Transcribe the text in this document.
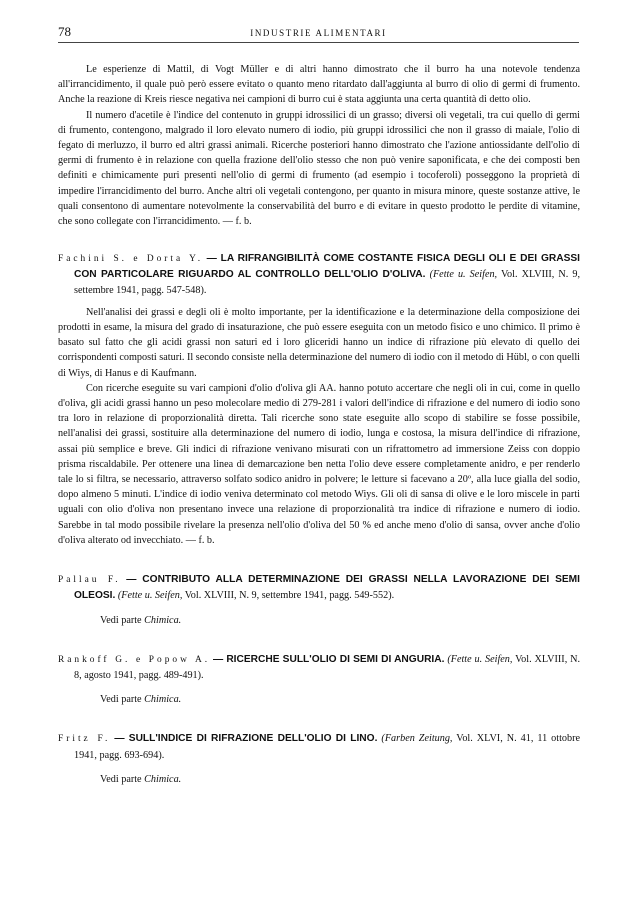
78	INDUSTRIE ALIMENTARI

Le esperienze di Mattil, di Vogt Müller e di altri hanno dimostrato che il burro ha una notevole tendenza all'irrancidimento, il quale può però essere evitato o quanto meno ritardato dall'aggiunta al burro di olio di germi di frumento. Anche la reazione di Kreis riesce negativa nei campioni di burro cui è stata aggiunta una certa quantità di detto olio.

Il numero d'acetile è l'indice del contenuto in gruppi idrossilici di un grasso; diversi oli vegetali, tra cui quello di germi di frumento, contengono, malgrado il loro elevato numero di iodio, più gruppi idrossilici che non il grasso di maiale, l'olio di fegato di merluzzo, il burro ed altri grassi animali. Ricerche posteriori hanno dimostrato che l'azione antiossidante dell'olio di germi di frumento è in relazione con quella frazione dell'olio stesso che non può venire saponificata, e che dei composti ben definiti e chimicamente puri presenti nell'olio di germi di frumento (ad esempio i tocoferoli) posseggono la proprietà di impedire l'irrancidimento del burro. Anche altri oli vegetali contengono, per quanto in misura minore, queste sostanze attive, le quali consentono di aumentare notevolmente la conservabilità del burro e di evitare in questo prodotto le perdite di vitamine, che sono collegate con l'irrancidimento. — f. b.

Fachini S. e Dorta Y. — LA RIFRANGIBILITÀ COME COSTANTE FISICA DEGLI OLI E DEI GRASSI CON PARTICOLARE RIGUARDO AL CONTROLLO DELL'OLIO D'OLIVA. (Fette u. Seifen, Vol. XLVIII, N. 9, settembre 1941, pagg. 547-548).

Nell'analisi dei grassi e degli oli è molto importante, per la identificazione e la determinazione della composizione dei prodotti in esame, la misura del grado di insaturazione, che può essere eseguita con un metodo fisico e uno chimico. Il primo è basato sul fatto che gli acidi grassi non saturi ed i loro gliceridi hanno un indice di rifrazione più elevato di quello dei corrispondenti composti saturi. Il secondo consiste nella determinazione del numero di iodio con il metodo di Hübl, o con quelli di Wiys, di Hanus e di Kaufmann.

Con ricerche eseguite su vari campioni d'olio d'oliva gli AA. hanno potuto accertare che negli oli in cui, come in quello d'oliva, gli acidi grassi hanno un peso molecolare medio di 279-281 i valori dell'indice di rifrazione e del numero di iodio sono tra loro in relazione di proporzionalità diretta. Tali ricerche sono state eseguite allo scopo di stabilire se fosse possibile, nell'analisi dei grassi, sostituire alla determinazione del numero di iodio, lunga e costosa, la misura dell'indice di rifrazione, assai più semplice e breve. Gli indici di rifrazione venivano misurati con un rifrattometro ad immersione Zeiss con doppio prisma riscaldabile. Per ottenere una linea di demarcazione ben netta l'olio deve essere completamente anidro, e per renderlo tale lo si filtra, se necessario, attraverso solfato sodico anidro in polvere; le letture si facevano a 20º, alla luce gialla del sodio, dopo almeno 5 minuti. L'indice di iodio veniva determinato col metodo Wiys. Gli oli di sansa di olive e le loro miscele in parti uguali con olio d'oliva non presentano invece una relazione di proporzionalità tra indice di rifrazione e numero di iodio. Sarebbe in tal modo possibile rivelare la presenza nell'olio d'oliva del 50 % ed anche meno d'olio di sansa, ovver anche d'olio d'oliva alterato od invecchiato. — f. b.

Pallau F. — CONTRIBUTO ALLA DETERMINAZIONE DEI GRASSI NELLA LAVORAZIONE DEI SEMI OLEOSI. (Fette u. Seifen, Vol. XLVIII, N. 9, settembre 1941, pagg. 549-552).

Vedi parte Chimica.

Rankoff G. e Popow A. — RICERCHE SULL'OLIO DI SEMI DI ANGURIA. (Fette u. Seifen, Vol. XLVIII, N. 8, agosto 1941, pagg. 489-491).

Vedi parte Chimica.

Fritz F. — SULL'INDICE DI RIFRAZIONE DELL'OLIO DI LINO. (Farben Zeitung, Vol. XLVI, N. 41, 11 ottobre 1941, pagg. 693-694).

Vedi parte Chimica.
